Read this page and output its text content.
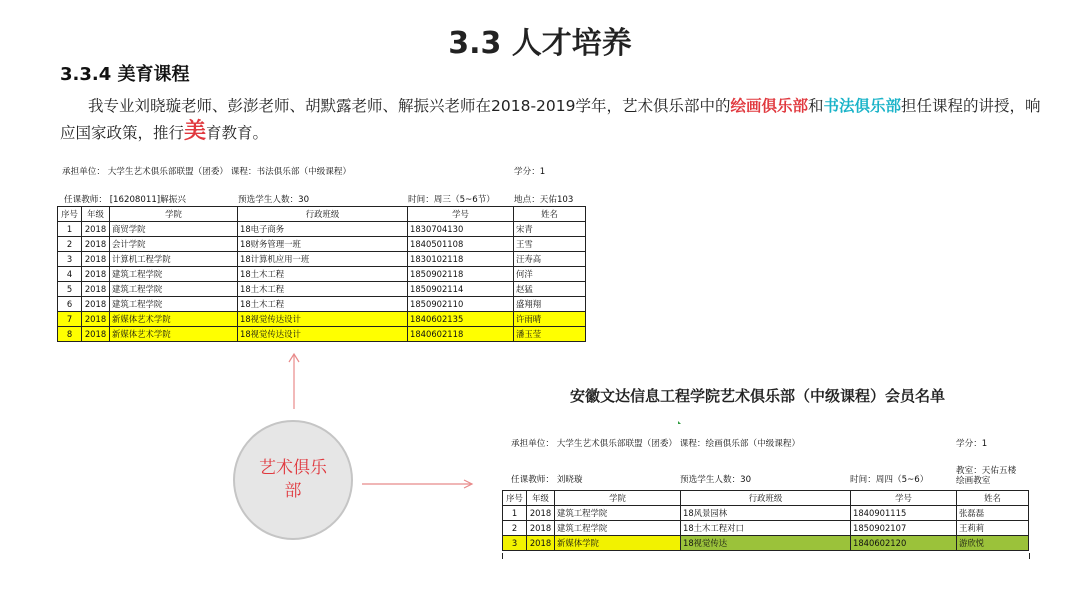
3.3 人才培养
3.3.4 美育课程
我专业刘晓璇老师、彭澎老师、胡默露老师、解振兴老师在2018-2019学年，艺术俱乐部中的绘画俱乐部和书法俱乐部担任课程的讲授，响应国家政策，推行美育教育。
承担单位： 大学生艺术俱乐部联盟（团委） 课程：书法俱乐部（中级课程）	学分：1
任课教师： [16208011]解振兴	预选学生人数：30	时间：周三（5~6节） 地点：天佑103
序号	年级	学院	行政班级	学号	姓名
1	2018	商贸学院	18电子商务	1830704130	宋青
2	2018	会计学院	18财务管理一班	1840501108	王雪
3	2018	计算机工程学院	18计算机应用一班	1830102118	汪寿高
4	2018	建筑工程学院	18土木工程	1850902118	何洋
5	2018	建筑工程学院	18土木工程	1850902114	赵猛
6	2018	建筑工程学院	18土木工程	1850902110	盛翔翔
7	2018	新媒体艺术学院	18视觉传达设计	1840602135	许雨晴
8	2018	新媒体艺术学院	18视觉传达设计	1840602118	潘玉莹
安徽文达信息工程学院艺术俱乐部（中级课程）会员名单
承担单位： 大学生艺术俱乐部联盟（团委） 课程：绘画俱乐部（中级课程）	学分：1
任课教师： 刘晓璇	预选学生人数：30	时间：周四（5~6）
教室：天佑五楼
绘画教室
序号	年级	学院	行政班级	学号	姓名
1	2018	建筑工程学院	18风景园林	1840901115	张磊磊
2	2018	建筑工程学院	18土木工程对口	1850902107	王莉莉
3	2018	新媒体学院	18视觉传达	1840602120	游欣悦
艺术俱乐部
